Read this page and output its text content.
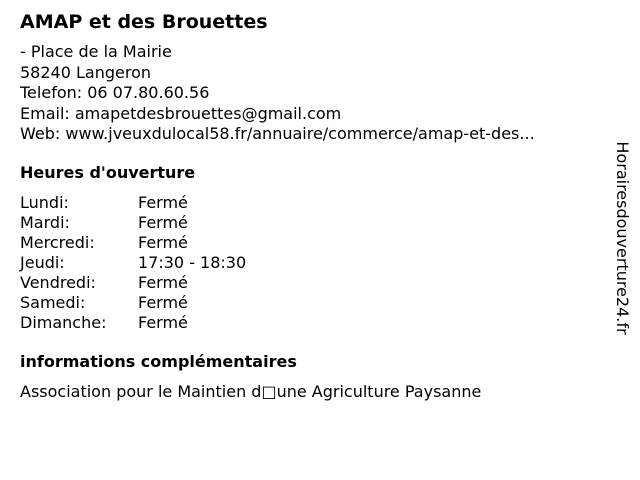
AMAP et des Brouettes
- Place de la Mairie
58240 Langeron
Telefon: 06 07.80.60.56
Email: amapetdesbrouettes@gmail.com
Web: www.jveuxdulocal58.fr/annuaire/commerce/amap-et-des...
Heures d'ouverture
Lundi:	Fermé
Mardi:	Fermé
Mercredi:	Fermé
Jeudi:	17:30 - 18:30
Vendredi:	Fermé
Samedi:	Fermé
Dimanche:	Fermé
informations complémentaires
Association pour le Maintien d□une Agriculture Paysanne
Horairesdouverture24.fr
